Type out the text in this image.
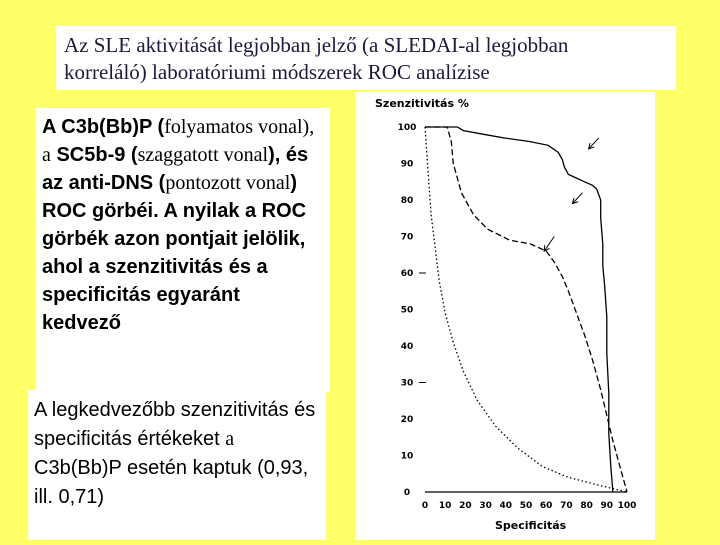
Az SLE aktivitását legjobban jelző (a SLEDAI-al legjobban
korreláló) laboratóriumi módszerek ROC analízise
A C3b(Bb)P (folyamatos vonal), a SC5b-9 (szaggatott vonal), és az anti-DNS (pontozott vonal) ROC görbéi. A nyilak a ROC görbék azon pontjait jelölik, ahol a szenzitivitás és a specificitás egyaránt kedvező
A legkedvezőbb szenzitivitás és specificitás értékeket a C3b(Bb)P esetén kaptuk (0,93, ill. 0,71)
Szenzitivitás %
Specificitás
0 10 20 30 40 50 60 70 80 90 100
0
10
20
30
40
50
60
70
80
90
100
